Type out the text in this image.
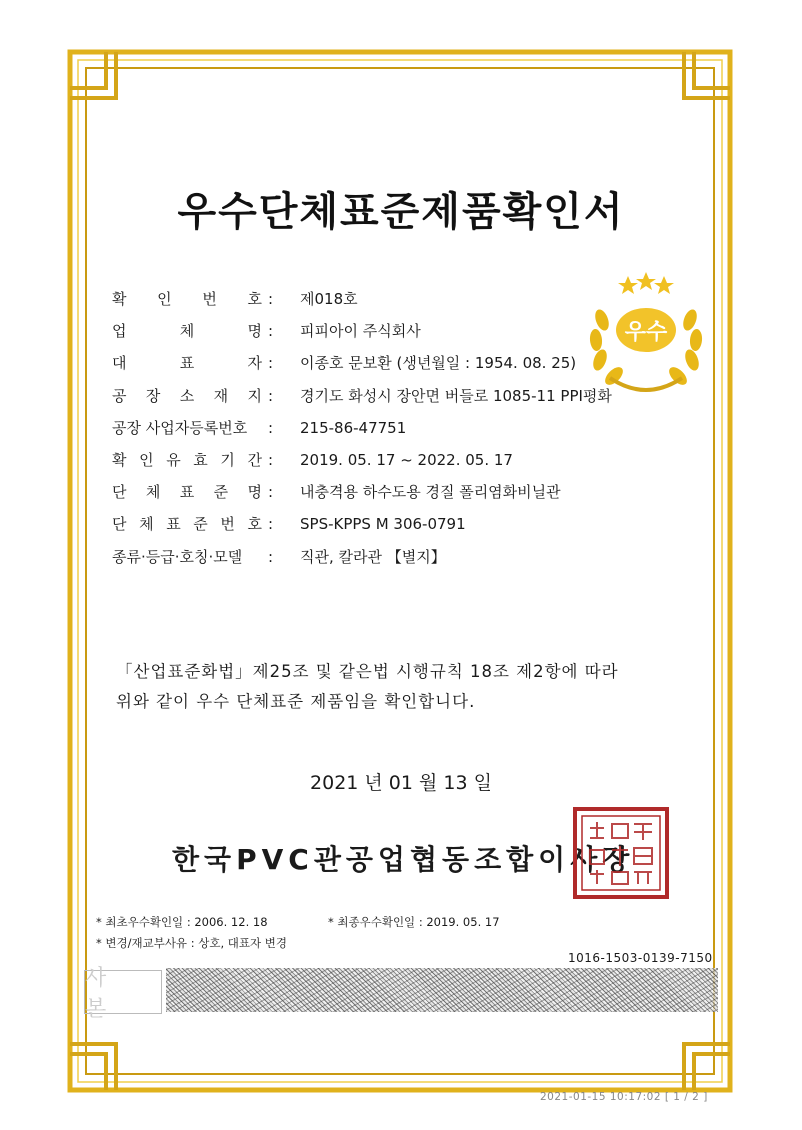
우수단체표준제품확인서
우수
확 인 번 호 : 제018호
업	체	명 : 피피아이 주식회사
대	표	자 : 이종호 문보환 (생년월일 : 1954. 08. 25)
공 장 소 재 지 : 경기도 화성시 장안면 버들로 1085-11 PPI평화
공장 사업자등록번호	: 215-86-47751
확 인 유 효 기 간 : 2019. 05. 17 ~ 2022. 05. 17
단 체 표 준 명 : 내충격용 하수도용 경질 폴리염화비닐관
단 체 표 준 번 호 : SPS-KPPS M 306-0791
종류·등급·호칭·모델	: 직관, 칼라관 【별지】
「산업표준화법」제25조 및 같은법 시행규칙 18조 제2항에 따라
위와 같이 우수 단체표준 제품임을 확인합니다.
2021 년 01 월 13 일
한국PVC관공업협동조합이사장
* 최초우수확인일 : 2006. 12. 18
* 변경/재교부사유 : 상호, 대표자 변경
* 최종우수확인일 : 2019. 05. 17
1016-1503-0139-7150
사 본
2021-01-15 10:17:02 [ 1 / 2 ]
